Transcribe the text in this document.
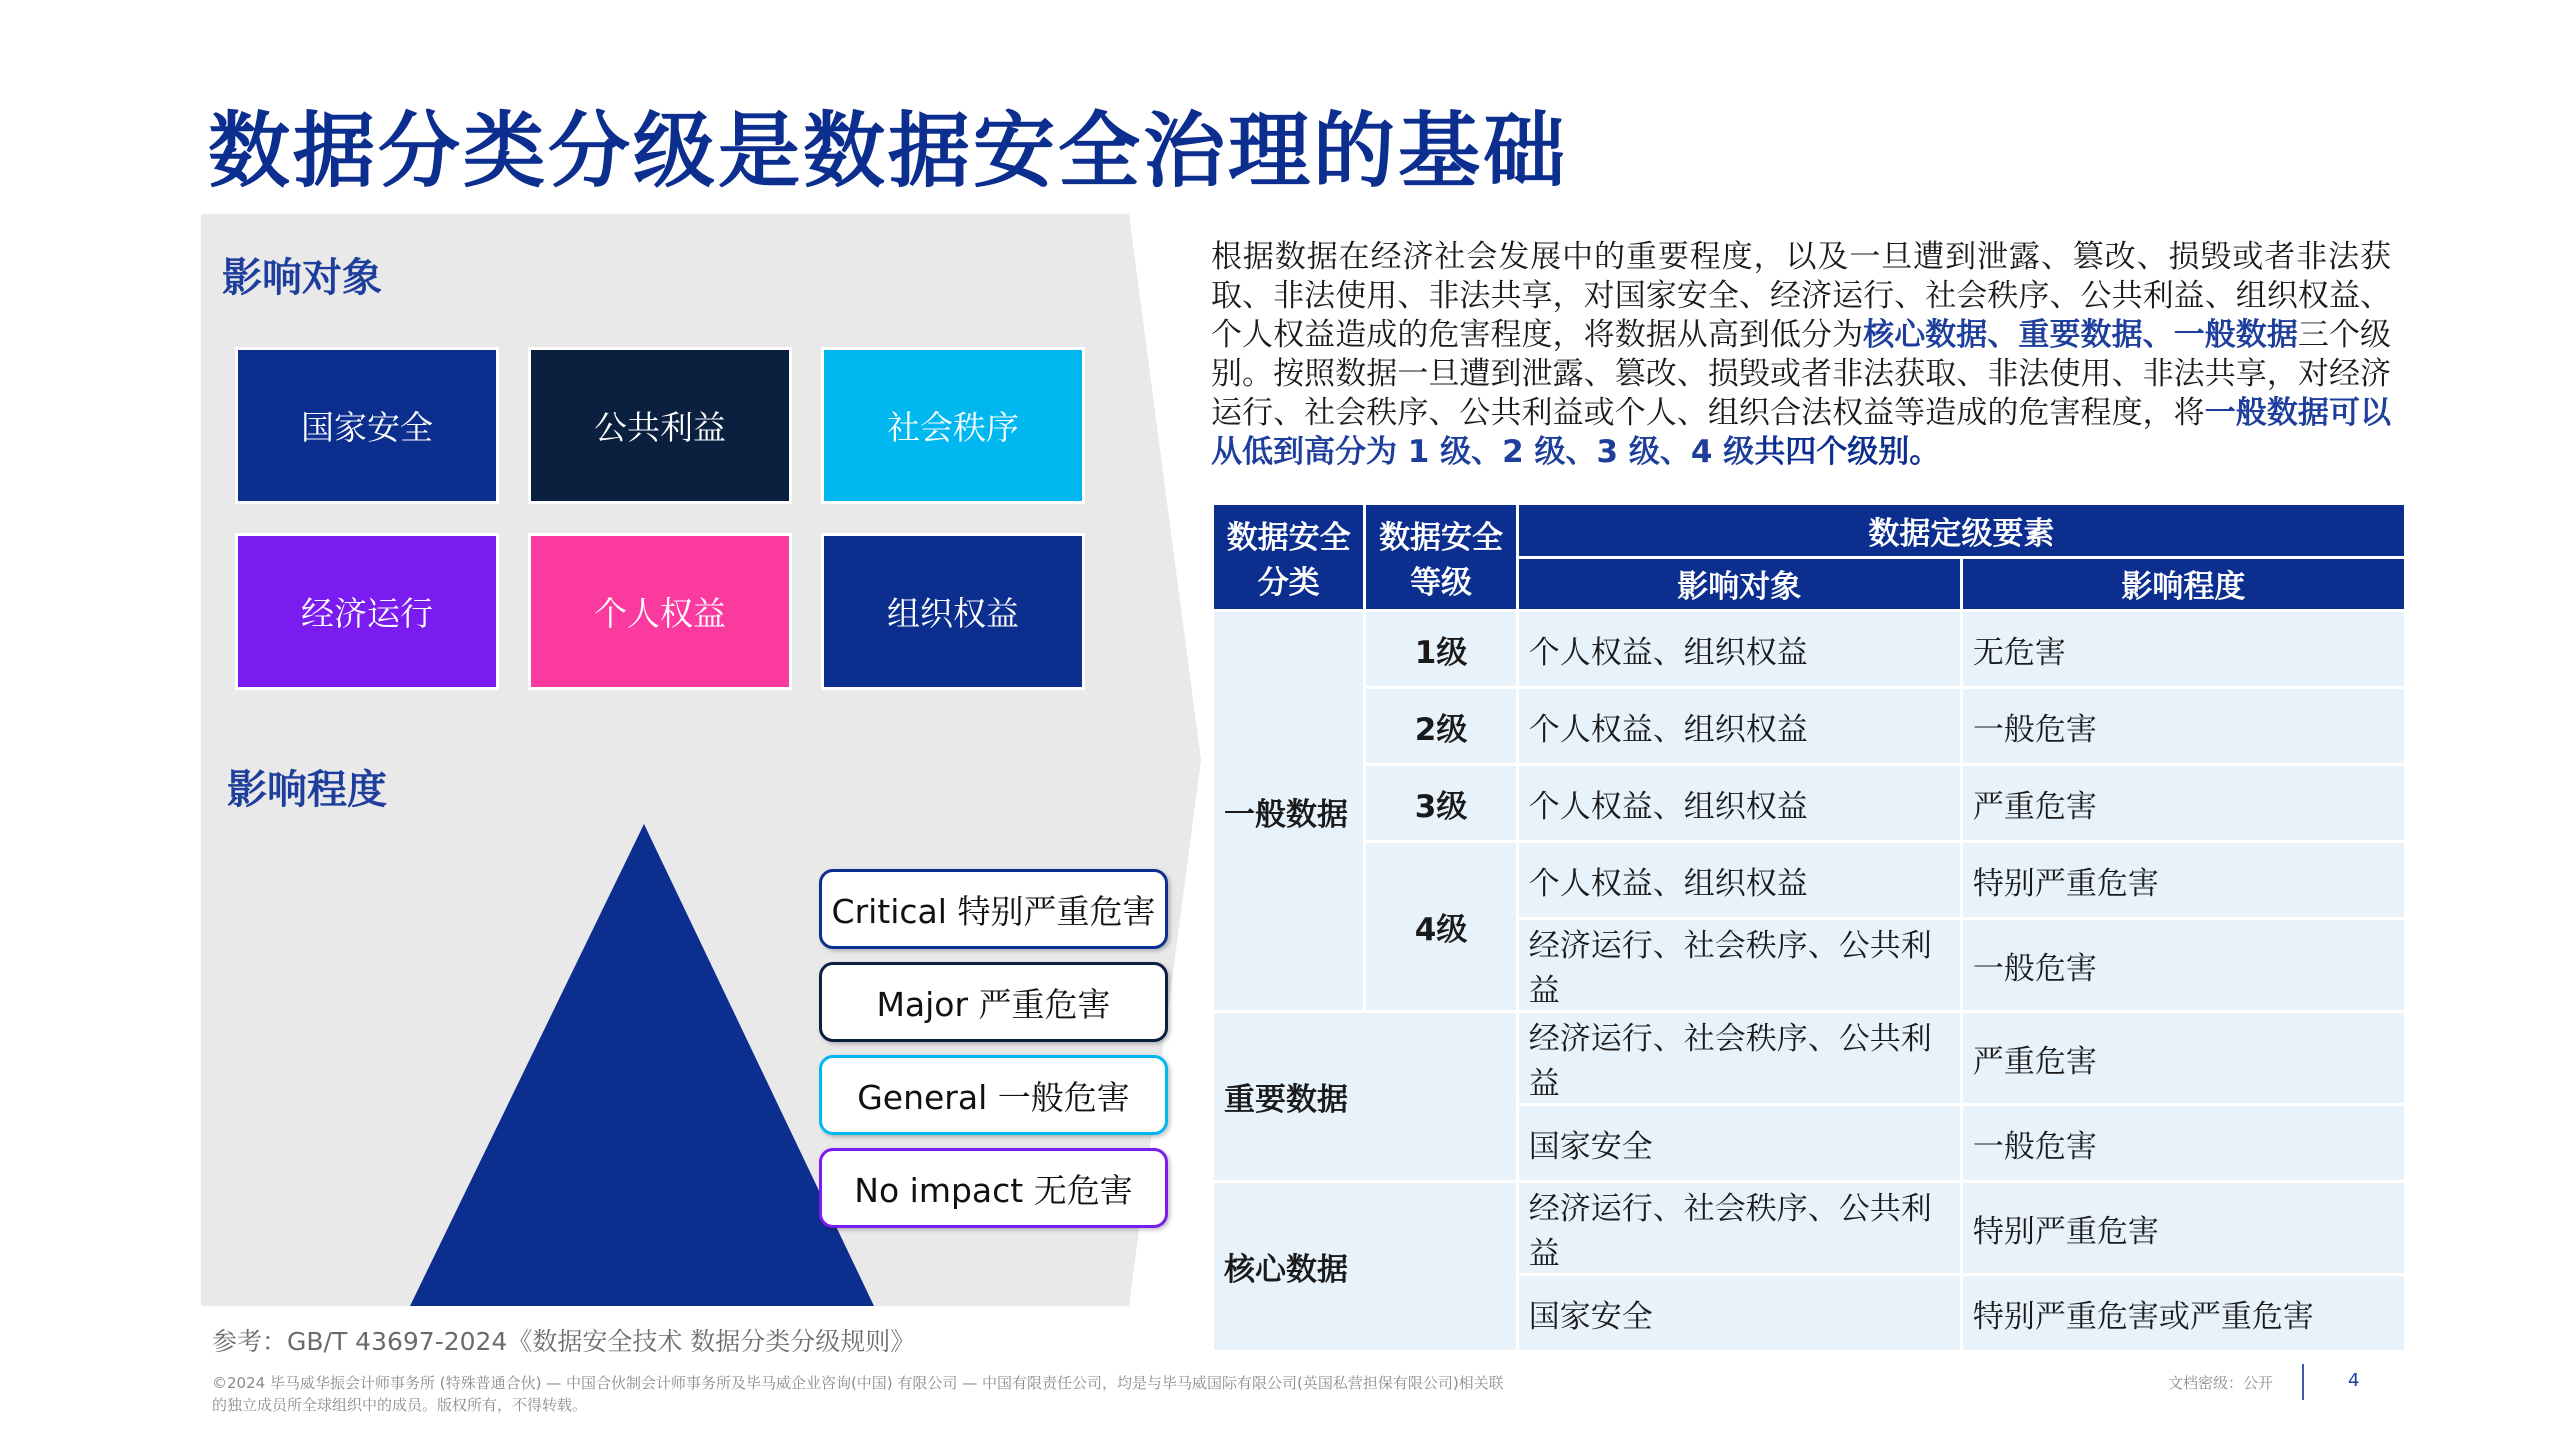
数据分类分级是数据安全治理的基础
影响对象
国家安全	公共利益	社会秩序
经济运行	个人权益	组织权益
影响程度
Critical 特别严重危害
Major 严重危害
General 一般危害
No impact 无危害
根据数据在经济社会发展中的重要程度，以及一旦遭到泄露、篡改、损毁或者非法获取、非法使用、非法共享，对国家安全、经济运行、社会秩序、公共利益、组织权益、个人权益造成的危害程度，将数据从高到低分为核心数据、重要数据、一般数据三个级别。按照数据一旦遭到泄露、篡改、损毁或者非法获取、非法使用、非法共享，对经济运行、社会秩序、公共利益或个人、组织合法权益等造成的危害程度，将一般数据可以从低到高分为 1 级、2 级、3 级、4 级共四个级别。
数据安全分类	数据安全等级	数据定级要素	
		影响对象	影响程度
一般数据	1级	个人权益、组织权益	无危害
	2级	个人权益、组织权益	一般危害
	3级	个人权益、组织权益	严重危害
	4级	个人权益、组织权益	特别严重危害
		经济运行、社会秩序、公共利益	一般危害
重要数据		经济运行、社会秩序、公共利益	严重危害
		国家安全	一般危害
核心数据		经济运行、社会秩序、公共利益	特别严重危害
		国家安全	特别严重危害或严重危害
参考：GB/T 43697-2024《数据安全技术 数据分类分级规则》
©2024 毕马威华振会计师事务所 (特殊普通合伙) — 中国合伙制会计师事务所及毕马威企业咨询(中国) 有限公司 — 中国有限责任公司，均是与毕马威国际有限公司(英国私营担保有限公司)相关联的独立成员所全球组织中的成员。版权所有，不得转载。
文档密级：公开	4
